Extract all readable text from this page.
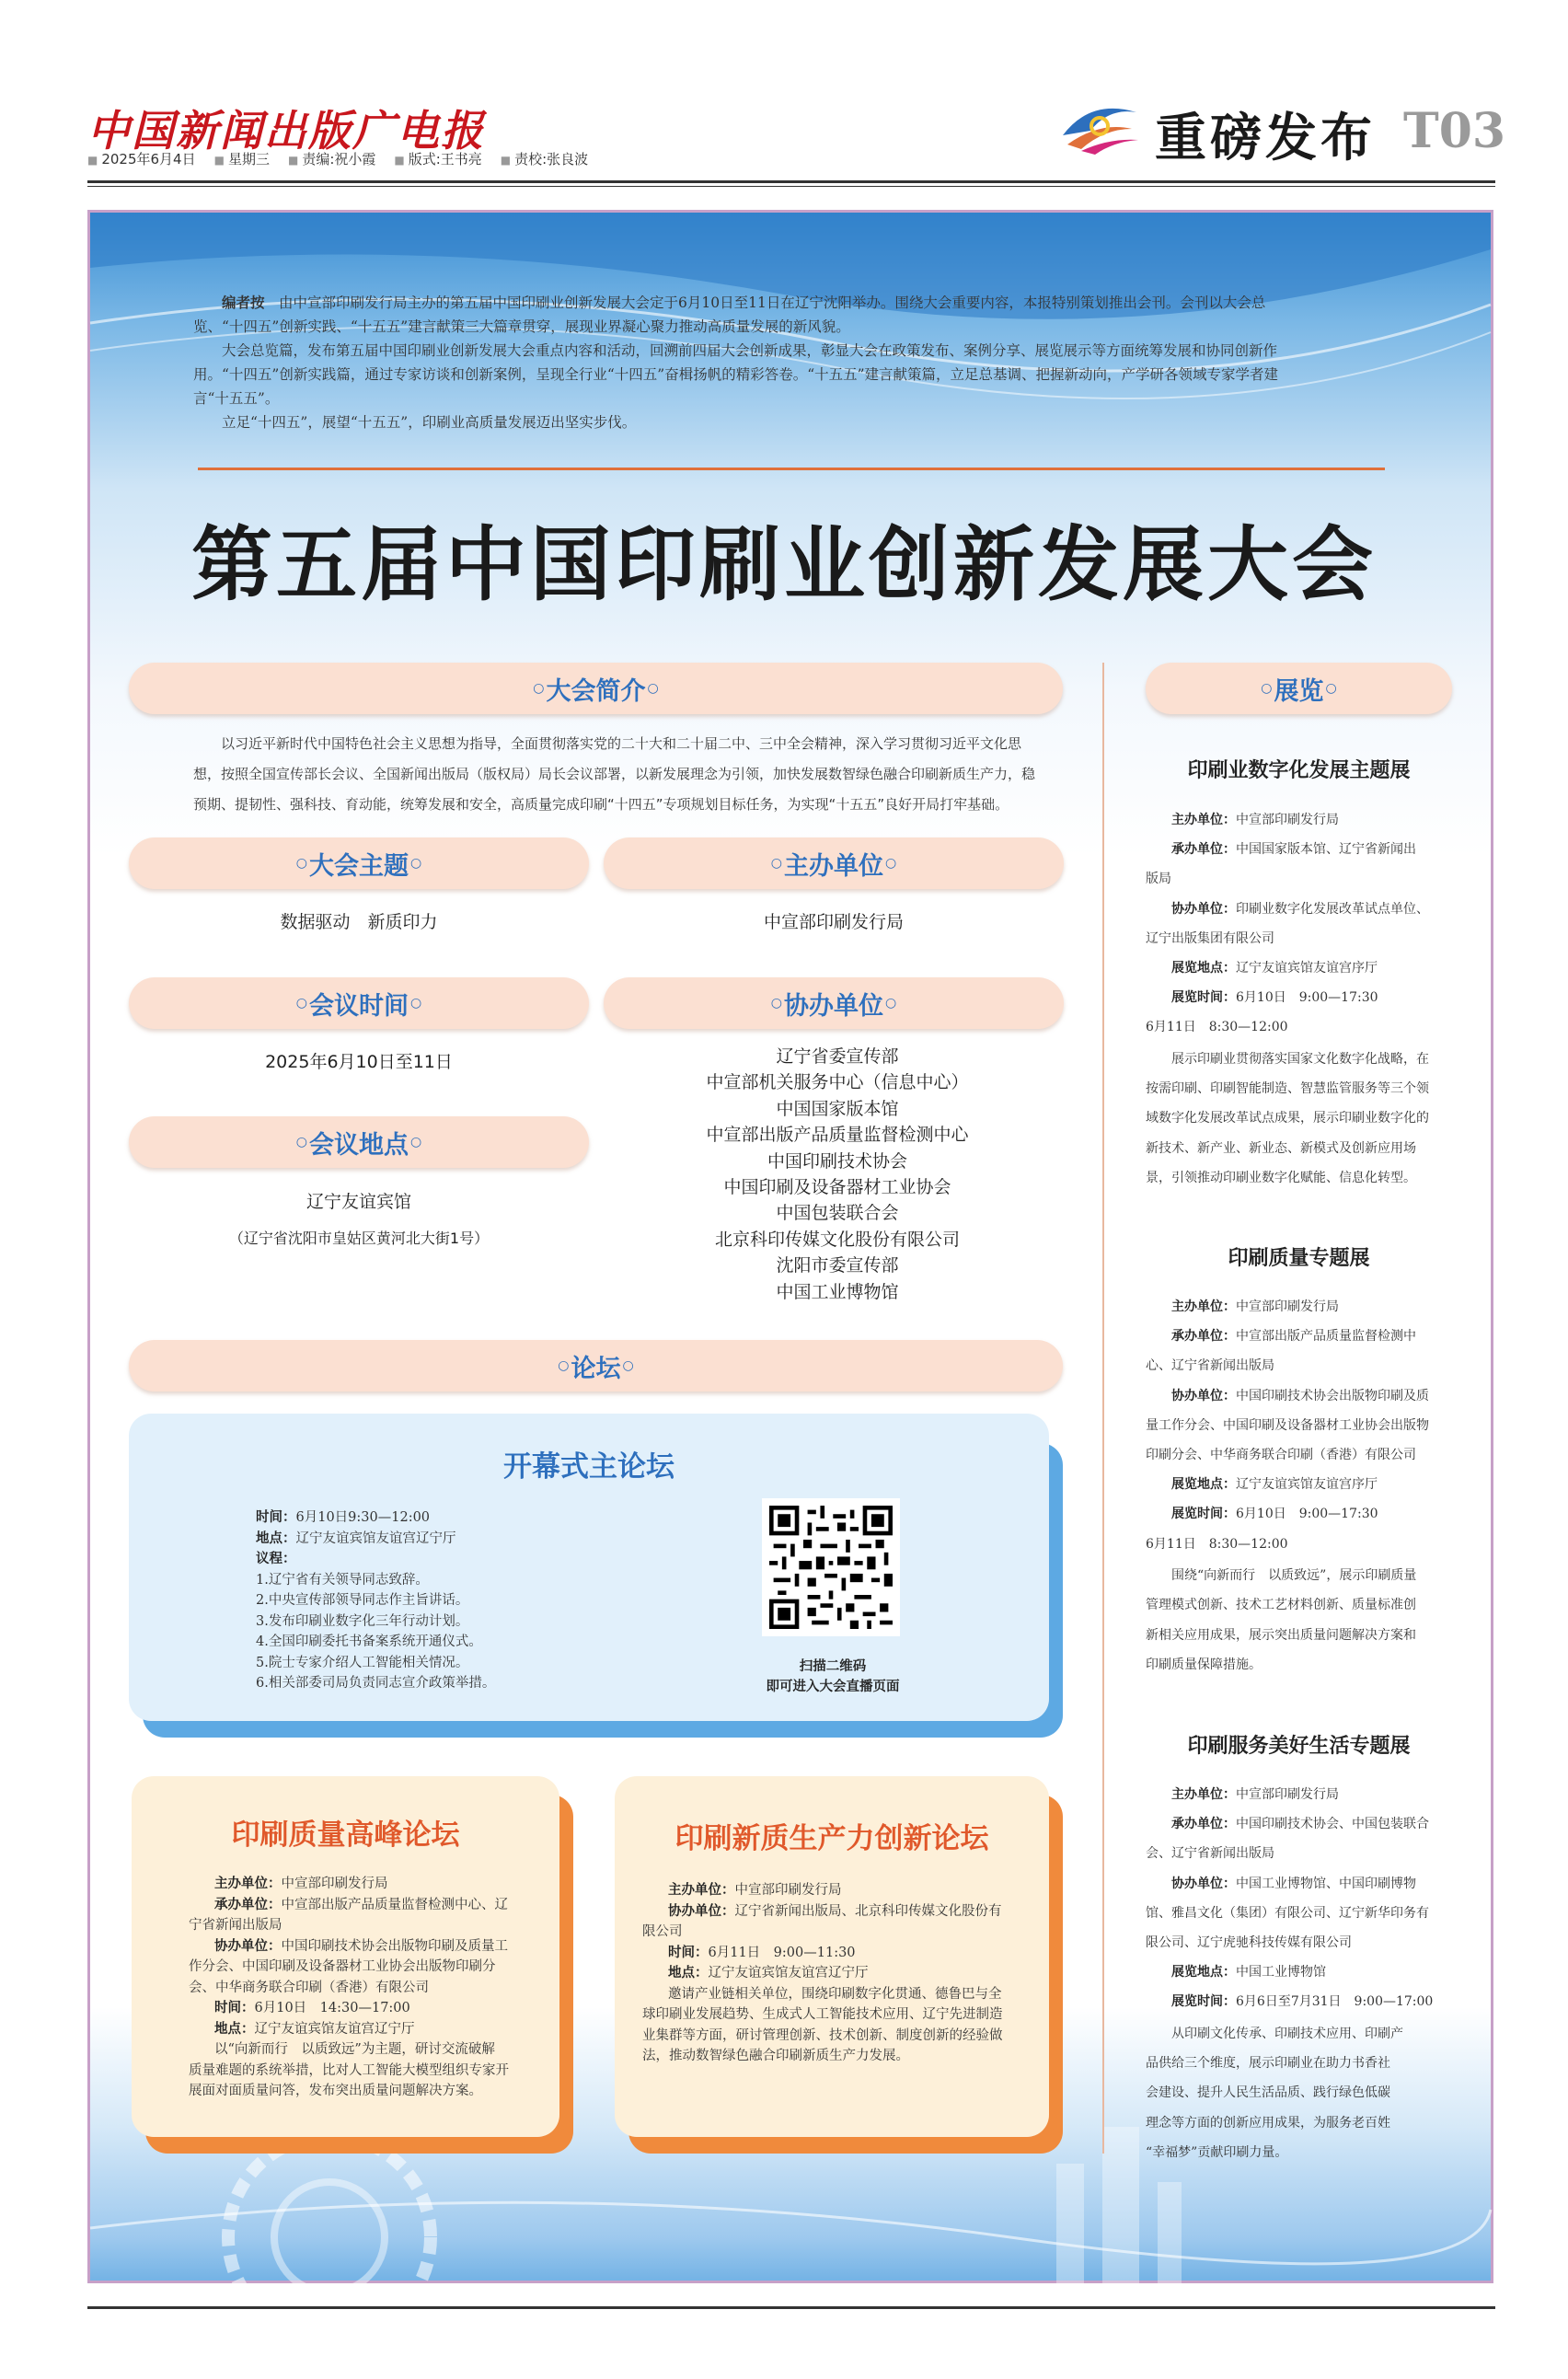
中国新闻出版广电报
■ 2025年6月4日	■ 星期三	■ 责编:祝小霞	■ 版式:王书亮	■ 责校:张良波	重磅发布 T03

编者按　 由中宣部印刷发行局主办的第五届中国印刷业创新发展大会定于6月10日至11日在辽宁沈阳举办。围绕大会重要内容，本报特别策划推出会刊。会刊以大会总览、“十四五”创新实践、“十五五”建言献策三大篇章贯穿，展现业界凝心聚力推动高质量发展的新风貌。

大会总览篇，发布第五届中国印刷业创新发展大会重点内容和活动，回溯前四届大会创新成果，彰显大会在政策发布、案例分享、展览展示等方面统筹发展和协同创新作用。“十四五”创新实践篇，通过专家访谈和创新案例，呈现全行业“十四五”奋楫扬帆的精彩答卷。“十五五”建言献策篇，立足总基调、把握新动向，产学研各领域专家学者建言“十五五”。

立足“十四五”，展望“十五五”，印刷业高质量发展迈出坚实步伐。

第五届中国印刷业创新发展大会
○ 大会简介 ○
以习近平新时代中国特色社会主义思想为指导，全面贯彻落实党的二十大和二十届二中、三中全会精神，深入学习贯彻习近平文化思想，按照全国宣传部长会议、全国新闻出版局（版权局）局长会议部署，以新发展理念为引领，加快发展数智绿色融合印刷新质生产力，稳预期、提韧性、强科技、育动能，统筹发展和安全，高质量完成印刷“十四五”专项规划目标任务，为实现“十五五”良好开局打牢基础。
○ 大会主题 ○
数据驱动　新质印力
○ 主办单位 ○
中宣部印刷发行局
○ 会议时间 ○
2025年6月10日至11日
○ 协办单位 ○
辽宁省委宣传部
中宣部机关服务中心（信息中心）
中国国家版本馆
中宣部出版产品质量监督检测中心
中国印刷技术协会
中国印刷及设备器材工业协会
中国包装联合会
北京科印传媒文化股份有限公司
沈阳市委宣传部
中国工业博物馆
○ 会议地点 ○
辽宁友谊宾馆
（辽宁省沈阳市皇姑区黄河北大街1号）
○ 论坛 ○
开幕式主论坛
时间：6月10日9:30—12:00
地点：辽宁友谊宾馆友谊宫辽宁厅
议程：
1.辽宁省有关领导同志致辞。
2.中央宣传部领导同志作主旨讲话。
3.发布印刷业数字化三年行动计划。
4.全国印刷委托书备案系统开通仪式。
5.院士专家介绍人工智能相关情况。
6.相关部委司局负责同志宣介政策举措。
扫描二维码
即可进入大会直播页面
印刷质量高峰论坛
主办单位：中宣部印刷发行局
承办单位：中宣部出版产品质量监督检测中心、辽
宁省新闻出版局
协办单位：中国印刷技术协会出版物印刷及质量工
作分会、中国印刷及设备器材工业协会出版物印刷分
会、中华商务联合印刷（香港）有限公司
时间：6月10日　14:30—17:00
地点：辽宁友谊宾馆友谊宫辽宁厅
以“向新而行　以质致远”为主题，研讨交流破解
质量难题的系统举措，比对人工智能大模型组织专家开
展面对面质量问答，发布突出质量问题解决方案。
印刷新质生产力创新论坛
主办单位：中宣部印刷发行局
协办单位：辽宁省新闻出版局、北京科印传媒文化股份有
限公司
时间：6月11日　9:00—11:30
地点：辽宁友谊宾馆友谊宫辽宁厅
邀请产业链相关单位，围绕印刷数字化贯通、德鲁巴与全
球印刷业发展趋势、生成式人工智能技术应用、辽宁先进制造
业集群等方面，研讨管理创新、技术创新、制度创新的经验做
法，推动数智绿色融合印刷新质生产力发展。
○ 展览 ○
印刷业数字化发展主题展

主办单位：中宣部印刷发行局

承办单位：中国国家版本馆、辽宁省新闻出

版局

协办单位：印刷业数字化发展改革试点单位、

辽宁出版集团有限公司

展览地点：辽宁友谊宾馆友谊宫序厅

展览时间：6月10日　9:00—17:30

6月11日　8:30—12:00

展示印刷业贯彻落实国家文化数字化战略，在

按需印刷、印刷智能制造、智慧监管服务等三个领

域数字化发展改革试点成果，展示印刷业数字化的

新技术、新产业、新业态、新模式及创新应用场

景，引领推动印刷业数字化赋能、信息化转型。

印刷质量专题展

主办单位：中宣部印刷发行局

承办单位：中宣部出版产品质量监督检测中

心、辽宁省新闻出版局

协办单位：中国印刷技术协会出版物印刷及质

量工作分会、中国印刷及设备器材工业协会出版物

印刷分会、中华商务联合印刷（香港）有限公司

展览地点：辽宁友谊宾馆友谊宫序厅

展览时间：6月10日　9:00—17:30

6月11日　8:30—12:00

围绕“向新而行　以质致远”，展示印刷质量

管理模式创新、技术工艺材料创新、质量标准创

新相关应用成果，展示突出质量问题解决方案和

印刷质量保障措施。

印刷服务美好生活专题展

主办单位：中宣部印刷发行局

承办单位：中国印刷技术协会、中国包装联合

会、辽宁省新闻出版局

协办单位：中国工业博物馆、中国印刷博物

馆、雅昌文化（集团）有限公司、辽宁新华印务有

限公司、辽宁虎驰科技传媒有限公司

展览地点：中国工业博物馆

展览时间：6月6日至7月31日　9:00—17:00

从印刷文化传承、印刷技术应用、印刷产

品供给三个维度，展示印刷业在助力书香社

会建设、提升人民生活品质、践行绿色低碳

理念等方面的创新应用成果，为服务老百姓

“幸福梦”贡献印刷力量。
